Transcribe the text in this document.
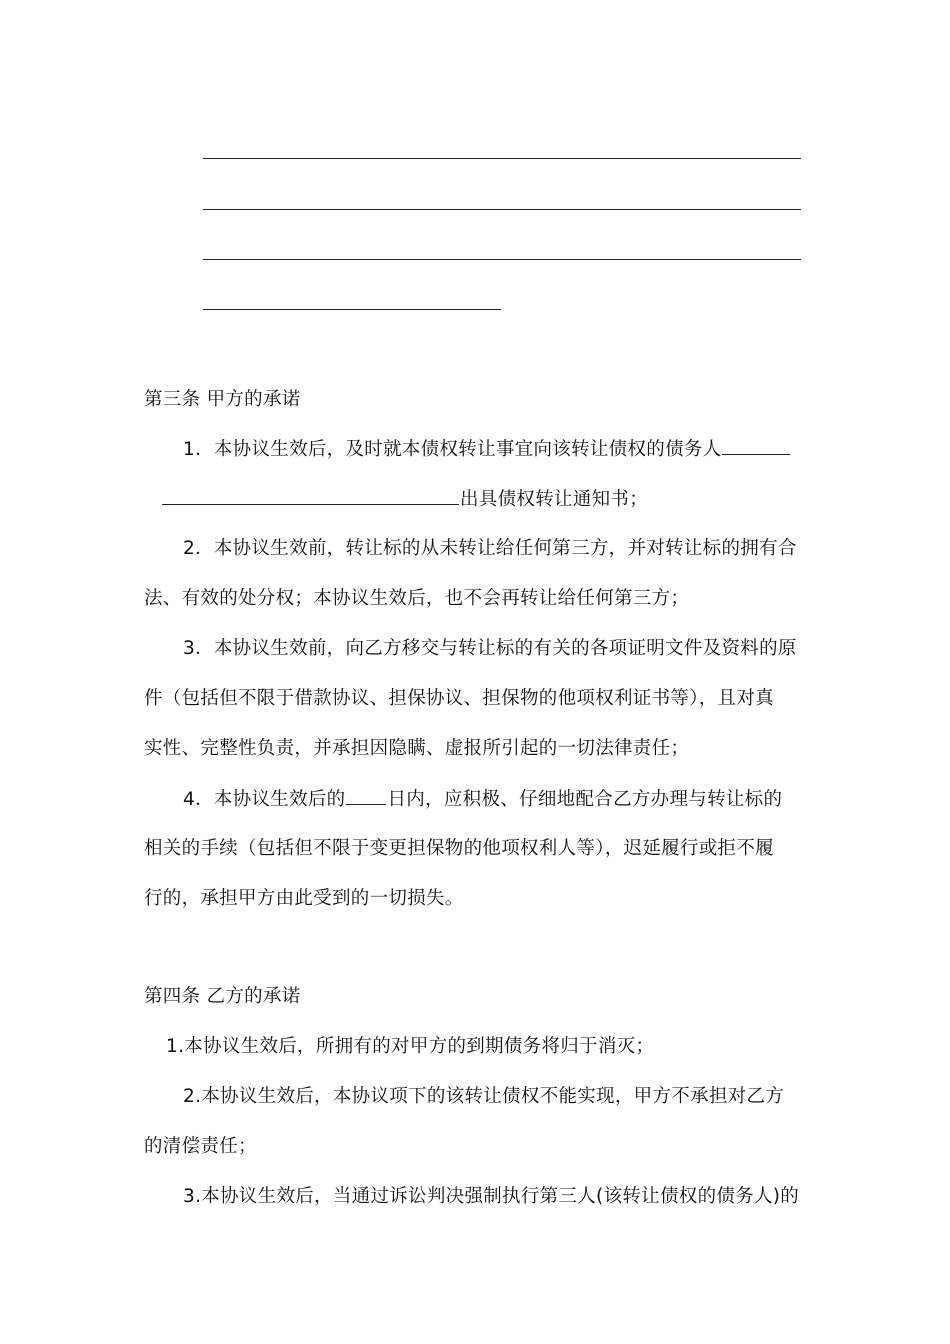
第三条 甲方的承诺
1．本协议生效后，及时就本债权转让事宜向该转让债权的债务人
出具债权转让通知书；
2．本协议生效前，转让标的从未转让给任何第三方，并对转让标的拥有合
法、有效的处分权；本协议生效后，也不会再转让给任何第三方；
3．本协议生效前，向乙方移交与转让标的有关的各项证明文件及资料的原
件（包括但不限于借款协议、担保协议、担保物的他项权利证书等），且对真
实性、完整性负责，并承担因隐瞒、虚报所引起的一切法律责任；
4．本协议生效后的 日内，应积极、仔细地配合乙方办理与转让标的
相关的手续（包括但不限于变更担保物的他项权利人等），迟延履行或拒不履
行的，承担甲方由此受到的一切损失。
第四条 乙方的承诺
1.本协议生效后，所拥有的对甲方的到期债务将归于消灭；
2.本协议生效后，本协议项下的该转让债权不能实现，甲方不承担对乙方
的清偿责任；
3.本协议生效后，当通过诉讼判决强制执行第三人(该转让债权的债务人)的
